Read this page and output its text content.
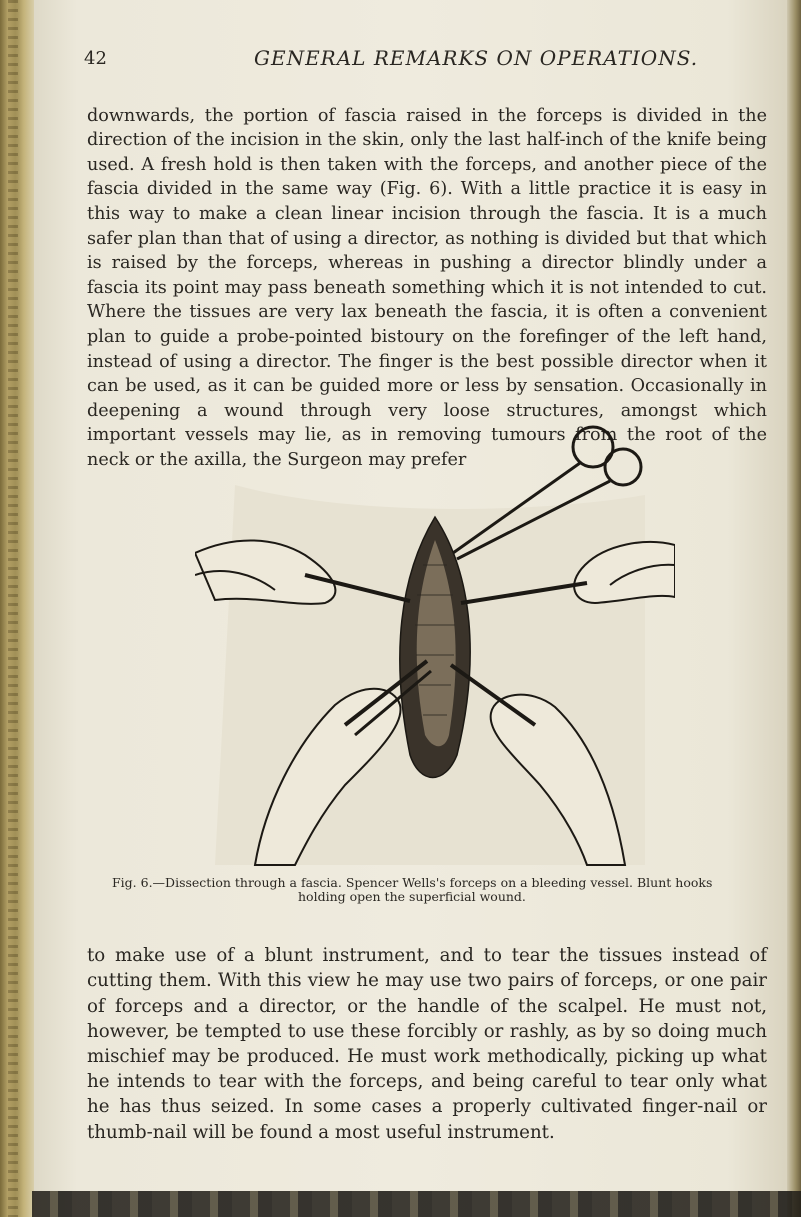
42	GENERAL REMARKS ON OPERATIONS.

downwards, the portion of fascia raised in the forceps is divided in the direction of the incision in the skin, only the last half-inch of the knife being used. A fresh hold is then taken with the forceps, and another piece of the fascia divided in the same way (Fig. 6). With a little practice it is easy in this way to make a clean linear incision through the fascia. It is a much safer plan than that of using a director, as nothing is divided but that which is raised by the forceps, whereas in pushing a director blindly under a fascia its point may pass beneath something which it is not intended to cut. Where the tissues are very lax beneath the fascia, it is often a convenient plan to guide a probe-pointed bistoury on the forefinger of the left hand, instead of using a director. The finger is the best possible director when it can be used, as it can be guided more or less by sensation. Occasionally in deepening a wound through very loose structures, amongst which important vessels may lie, as in removing tumours from the root of the neck or the axilla, the Surgeon may prefer

Fig. 6.—Dissection through a fascia. Spencer Wells's forceps on a bleeding vessel. Blunt hooks
holding open the superficial wound.

to make use of a blunt instrument, and to tear the tissues instead of cutting them. With this view he may use two pairs of forceps, or one pair of forceps and a director, or the handle of the scalpel. He must not, however, be tempted to use these forcibly or rashly, as by so doing much mischief may be produced. He must work methodically, picking up what he intends to tear with the forceps, and being careful to tear only what he has thus seized. In some cases a properly cultivated finger-nail or thumb-nail will be found a most useful instrument.
